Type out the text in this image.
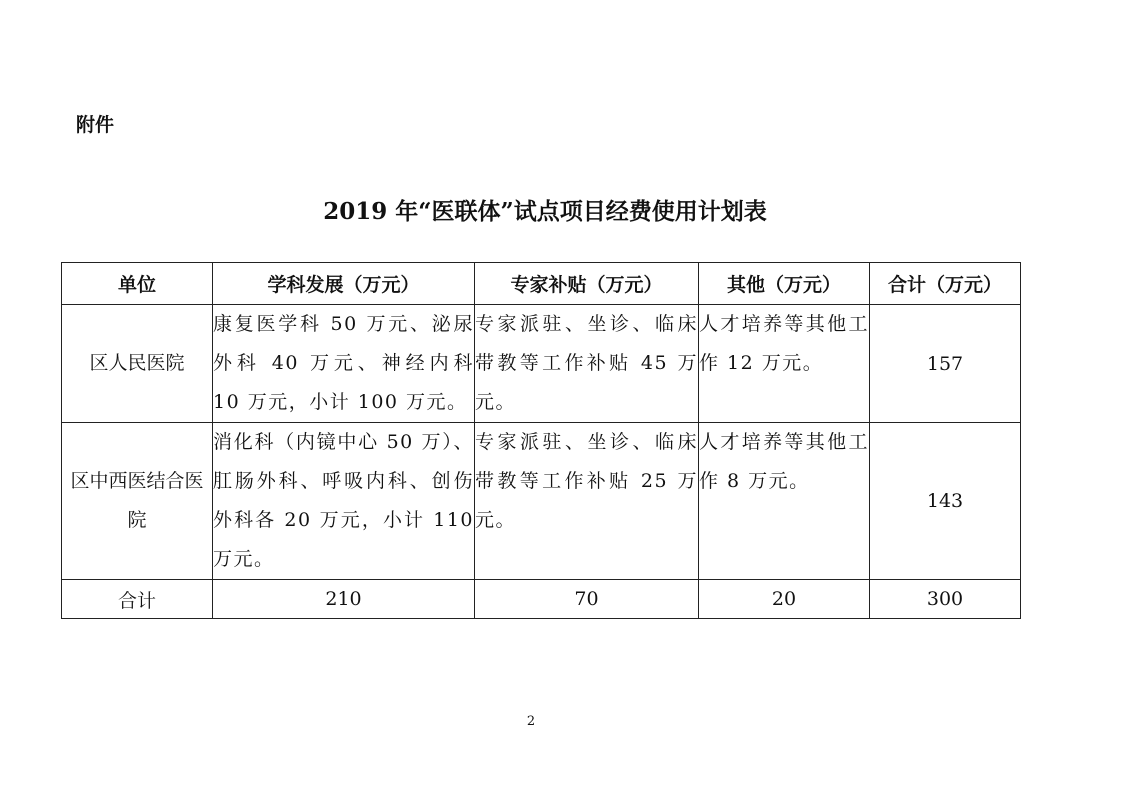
附件
2019 年“医联体”试点项目经费使用计划表
单位	学科发展（万元）	专家补贴（万元）	其他（万元）	合计（万元）
区人民医院	康复医学科 50 万元、泌尿外科 40 万元、神经内科 10 万元，小计 100 万元。	专家派驻、坐诊、临床带教等工作补贴 45 万元。	人才培养等其他工作 12 万元。	157
区中西医结合医院	消化科（内镜中心 50 万）、肛肠外科、呼吸内科、创伤外科各 20 万元，小计 110 万元。	专家派驻、坐诊、临床带教等工作补贴 25 万元。	人才培养等其他工作 8 万元。	143
合计	210	70	20	300
2
